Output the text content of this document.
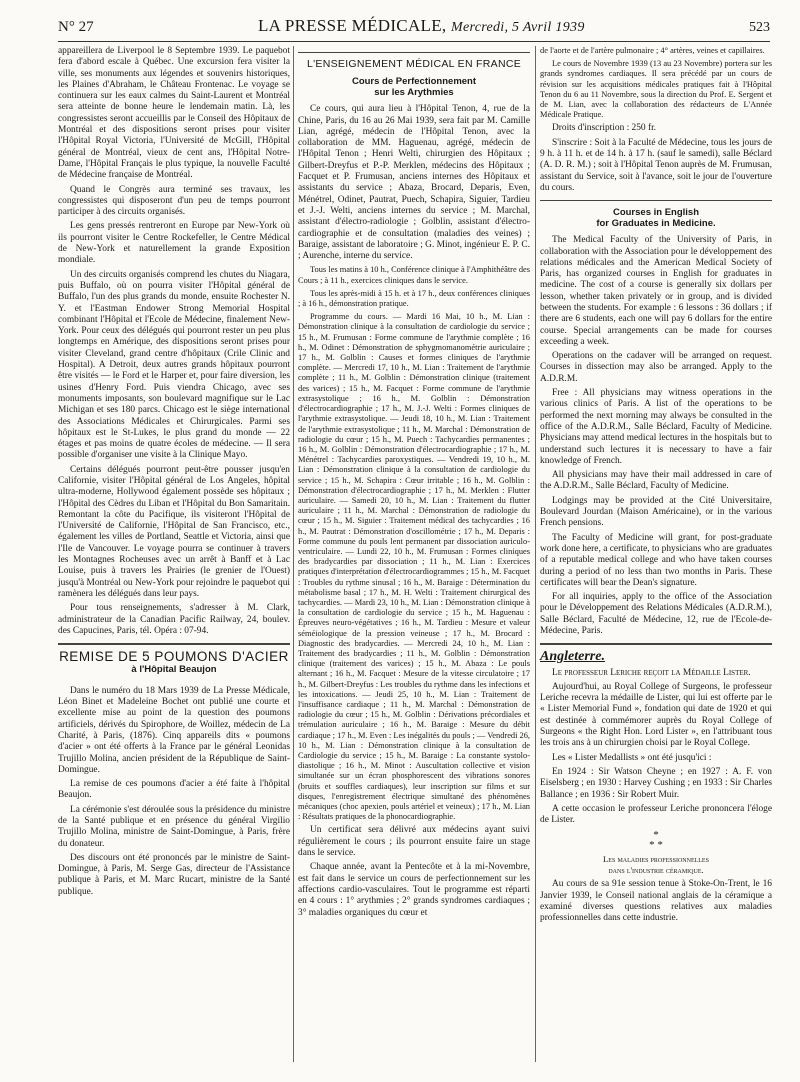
N° 27	LA PRESSE MÉDICALE, Mercredi, 5 Avril 1939	523

appareillera de Liverpool le 8 Septembre 1939. Le paquebot fera d'abord escale à Québec. Une excursion fera visiter la ville, ses monuments aux légendes et souvenirs historiques, les Plaines d'Abraham, le Château Frontenac. Le voyage se continuera sur les eaux calmes du Saint-Laurent et Montréal sera atteinte de bonne heure le lendemain matin. Là, les congressistes seront accueillis par le Conseil des Hôpitaux de Montréal et des dispositions seront prises pour visiter l'Hôpital Royal Victoria, l'Université de McGill, l'Hôpital général de Montréal, vieux de cent ans, l'Hôpital Notre-Dame, l'Hôpital Français le plus typique, la nouvelle Faculté de Médecine française de Montréal.

Quand le Congrès aura terminé ses travaux, les congressistes qui disposeront d'un peu de temps pourront participer à des circuits organisés.

Les gens pressés rentreront en Europe par New-York où ils pourront visiter le Centre Rockefeller, le Centre Médical de New-York et naturellement la grande Exposition mondiale.

Un des circuits organisés comprend les chutes du Niagara, puis Buffalo, où on pourra visiter l'Hôpital général de Buffalo, l'un des plus grands du monde, ensuite Rochester N. Y. et l'Eastman Endower Strong Memorial Hospital combinant l'Hôpital et l'Ecole de Médecine, finalement New-York. Pour ceux des délégués qui pourront rester un peu plus longtemps en Amérique, des dispositions seront prises pour visiter Cleveland, grand centre d'hôpitaux (Crile Clinic and Hospital). A Detroit, deux autres grands hôpitaux pourront être visités — le Ford et le Harper et, pour faire diversion, les usines d'Henry Ford. Puis viendra Chicago, avec ses monuments imposants, son boulevard magnifique sur le Lac Michigan et ses 180 parcs. Chicago est le siège international des Associations Médicales et Chirurgicales. Parmi ses hôpitaux est le St-Lukes, le plus grand du monde — 22 étages et pas moins de quatre écoles de médecine. — Il sera possible d'organiser une visite à la Clinique Mayo.

Certains délégués pourront peut-être pousser jusqu'en Californie, visiter l'Hôpital général de Los Angeles, hôpital ultra-moderne, Hollywood également possède ses hôpitaux ; l'Hôpital des Cèdres du Liban et l'Hôpital du Bon Samaritain. Remontant la côte du Pacifique, ils visiteront l'Hôpital de l'Université de Californie, l'Hôpital de San Francisco, etc., également les villes de Portland, Seattle et Victoria, ainsi que l'Ile de Vancouver. Le voyage pourra se continuer à travers les Montagnes Rocheuses avec un arrêt à Banff et à Lac Louise, puis à travers les Prairies (le grenier de l'Ouest) jusqu'à Montréal ou New-York pour rejoindre le paquebot qui ramènera les délégués dans leur pays.

Pour tous renseignements, s'adresser à M. Clark, administrateur de la Canadian Pacific Railway, 24, boulev. des Capucines, Paris, tél. Opéra : 07-94.

REMISE DE 5 POUMONS D'ACIER
à l'Hôpital Beaujon

Dans le numéro du 18 Mars 1939 de La Presse Médicale, Léon Binet et Madeleine Bochet ont publié une courte et excellente mise au point de la question des poumons artificiels, dérivés du Spirophore, de Woillez, médecin de La Charité, à Paris, (1876). Cinq appareils dits « poumons d'acier » ont été offerts à la France par le général Leonidas Trujillo Molina, ancien président de la République de Saint-Domingue.

La remise de ces poumons d'acier a été faite à l'hôpital Beaujon.

La cérémonie s'est déroulée sous la présidence du ministre de la Santé publique et en présence du général Virgilio Trujillo Molina, ministre de Saint-Domingue, à Paris, frère du donateur.

Des discours ont été prononcés par le ministre de Saint-Domingue, à Paris, M. Serge Gas, directeur de l'Assistance publique à Paris, et M. Marc Rucart, ministre de la Santé publique.

L'ENSEIGNEMENT MÉDICAL EN FRANCE
Cours de Perfectionnement
sur les Arythmies

Ce cours, qui aura lieu à l'Hôpital Tenon, 4, rue de la Chine, Paris, du 16 au 26 Mai 1939, sera fait par M. Camille Lian, agrégé, médecin de l'Hôpital Tenon, avec la collaboration de MM. Haguenau, agrégé, médecin de l'Hôpital Tenon ; Henri Welti, chirurgien des Hôpitaux ; Gilbert-Dreyfus et P.-P. Merklen, médecins des Hôpitaux ; Facquet et P. Frumusan, anciens internes des Hôpitaux et assistants du service ; Abaza, Brocard, Deparis, Even, Ménétrel, Odinet, Pautrat, Puech, Schapira, Siguier, Tardieu et J.-J. Welti, anciens internes du service ; M. Marchal, assistant d'électro-radiologie ; Golblin, assistant d'électro-cardiographie et de consultation (maladies des veines) ; Baraige, assistant de laboratoire ; G. Minot, ingénieur E. P. C. ; Aurenche, interne du service.

Tous les matins à 10 h., Conférence clinique à l'Amphithéâtre des Cours ; à 11 h., exercices cliniques dans le service.

Tous les après-midi à 15 h. et à 17 h., deux conférences cliniques ; à 16 h., démonstration pratique.

Programme du cours. — Mardi 16 Mai, 10 h., M. Lian : Démonstration clinique à la consultation de cardiologie du service ; 15 h., M. Frumusan : Forme commune de l'arythmie complète ; 16 h., M. Odinet : Démonstration de sphygmomanométrie auriculaire ; 17 h., M. Golblin : Causes et formes cliniques de l'arythmie complète. — Mercredi 17, 10 h., M. Lian : Traitement de l'arythmie complète ; 11 h., M. Golblin : Démonstration clinique (traitement des varices) ; 15 h., M. Facquet : Forme commune de l'arythmie extrasystolique ; 16 h., M. Golblin : Démonstration d'électrocardiographie ; 17 h., M. J.-J. Welti : Formes cliniques de l'arythmie extrasystolique. — Jeudi 18, 10 h., M. Lian : Traitement de l'arythmie extrasystolique ; 11 h., M. Marchal : Démonstration de radiologie du cœur ; 15 h., M. Puech : Tachycardies permanentes ; 16 h., M. Golblin : Démonstration d'électrocardiographie ; 17 h., M. Ménétrel : Tachycardies paroxystiques. — Vendredi 19, 10 h., M. Lian : Démonstration clinique à la consultation de cardiologie du service ; 15 h., M. Schapira : Cœur irritable ; 16 h., M. Golblin : Démonstration d'électrocardiographie ; 17 h., M. Merklen : Flutter auriculaire. — Samedi 20, 10 h., M. Lian : Traitement du flutter auriculaire ; 11 h., M. Marchal : Démonstration de radiologie du cœur ; 15 h., M. Siguier : Traitement médical des tachycardies ; 16 h., M. Pautrat : Démonstration d'oscillométrie ; 17 h., M. Deparis : Forme commune du pouls lent permanent par dissociation auriculo-ventriculaire. — Lundi 22, 10 h., M. Frumusan : Formes cliniques des bradycardies par dissociation ; 11 h., M. Lian : Exercices pratiques d'interprétation d'électrocardiogrammes ; 15 h., M. Facquet : Troubles du rythme sinusal ; 16 h., M. Baraige : Détermination du métabolisme basal ; 17 h., M. H. Welti : Traitement chirurgical des tachycardies. — Mardi 23, 10 h., M. Lian : Démonstration clinique à la consultation de cardiologie du service ; 15 h., M. Haguenau : Épreuves neuro-végétatives ; 16 h., M. Tardieu : Mesure et valeur séméiologique de la pression veineuse ; 17 h., M. Brocard : Diagnostic des bradycardies. — Mercredi 24, 10 h., M. Lian : Traitement des bradycardies ; 11 h., M. Golblin : Démonstration clinique (traitement des varices) ; 15 h., M. Abaza : Le pouls alternant ; 16 h., M. Facquet : Mesure de la vitesse circulatoire ; 17 h., M. Gilbert-Dreyfus : Les troubles du rythme dans les infections et les intoxications. — Jeudi 25, 10 h., M. Lian : Traitement de l'insuffisance cardiaque ; 11 h., M. Marchal : Démonstration de radiologie du cœur ; 15 h., M. Golblin : Dérivations précordiales et trémulation auriculaire ; 16 h., M. Baraige : Mesure du débit cardiaque ; 17 h., M. Even : Les inégalités du pouls ; — Vendredi 26, 10 h., M. Lian : Démonstration clinique à la consultation de Cardiologie du service ; 15 h., M. Baraige : La constante systolo-diastolique ; 16 h., M. Minot : Auscultation collective et vision simultanée sur un écran phosphorescent des vibrations sonores (bruits et souffles cardiaques), leur inscription sur films et sur disques, l'enregistrement électrique simultané des phénomènes mécaniques (choc apexien, pouls artériel et veineux) ; 17 h., M. Lian : Résultats pratiques de la phonocardiographie.

Un certificat sera délivré aux médecins ayant suivi régulièrement le cours ; ils pourront ensuite faire un stage dans le service.

Chaque année, avant la Pentecôte et à la mi-Novembre, est fait dans le service un cours de perfectionnement sur les affections cardio-vasculaires. Tout le programme est réparti en 4 cours : 1° arythmies ; 2° grands syndromes cardiaques ; 3° maladies organiques du cœur et

de l'aorte et de l'artère pulmonaire ; 4° artères, veines et capillaires.

Le cours de Novembre 1939 (13 au 23 Novembre) portera sur les grands syndromes cardiaques. Il sera précédé par un cours de révision sur les acquisitions médicales pratiques fait à l'Hôpital Tenon du 6 au 11 Novembre, sous la direction du Prof. E. Sergent et de M. Lian, avec la collaboration des rédacteurs de L'Année Médicale Pratique.

Droits d'inscription : 250 fr.

S'inscrire : Soit à la Faculté de Médecine, tous les jours de 9 h. à 11 h. et de 14 h. à 17 h. (sauf le samedi), salle Béclard (A. D. R. M.) ; soit à l'Hôpital Tenon auprès de M. Frumusan, assistant du Service, soit à l'avance, soit le jour de l'ouverture du cours.

Courses in English
for Graduates in Medicine.

The Medical Faculty of the University of Paris, in collaboration with the Association pour le développement des relations médicales and the American Medical Society of Paris, has organized courses in English for graduates in medicine. The cost of a course is generally six dollars per lesson, whether taken privately or in group, and is divided between the students. For example : 6 lessons : 36 dollars ; if there are 6 students, each one will pay 6 dollars for the entire course. Special arrangements can be made for courses exceeding a week.

Operations on the cadaver will be arranged on request. Courses in dissection may also be arranged. Apply to the A.D.R.M.

Free : All physicians may witness operations in the various clinics of Paris. A list of the operations to be performed the next morning may always be consulted in the office of the A.D.R.M., Salle Béclard, Faculty of Medicine. Physicians may attend medical lectures in the hospitals but to understand such lectures it is necessary to have a fair knowledge of French.

All physicians may have their mail addressed in care of the A.D.R.M., Salle Béclard, Faculty of Medicine.

Lodgings may be provided at the Cité Universitaire, Boulevard Jourdan (Maison Américaine), or in the various French pensions.

The Faculty of Medicine will grant, for post-graduate work done here, a certificate, to physicians who are graduates of a reputable medical college and who have taken courses during a period of no less than two months in Paris. These certificates will bear the Dean's signature.

For all inquiries, apply to the office of the Association pour le Développement des Relations Médicales (A.D.R.M.), Salle Béclard, Faculté de Médecine, 12, rue de l'Ecole-de-Médecine, Paris.

Angleterre.

Le professeur Leriche reçoit la Médaille Lister.

Aujourd'hui, au Royal College of Surgeons, le professeur Leriche recevra la médaille de Lister, qui lui est offerte par le « Lister Memorial Fund », fondation qui date de 1920 et qui est destinée à commémorer auprès du Royal College of Surgeons « the Right Hon. Lord Lister », en l'attribuant tous les trois ans à un chirurgien choisi par le Royal College.

Les « Lister Medallists » ont été jusqu'ici :

En 1924 : Sir Watson Cheyne ; en 1927 : A. F. von Eiselsberg ; en 1930 : Harvey Cushing ; en 1933 : Sir Charles Ballance ; en 1936 : Sir Robert Muir.

A cette occasion le professeur Leriche prononcera l'éloge de Lister.

*
* *
Les maladies professionnelles
dans l'industrie céramique.

Au cours de sa 91e session tenue à Stoke-On-Trent, le 16 Janvier 1939, le Conseil national anglais de la céramique a examiné diverses questions relatives aux maladies professionnelles dans cette industrie.
